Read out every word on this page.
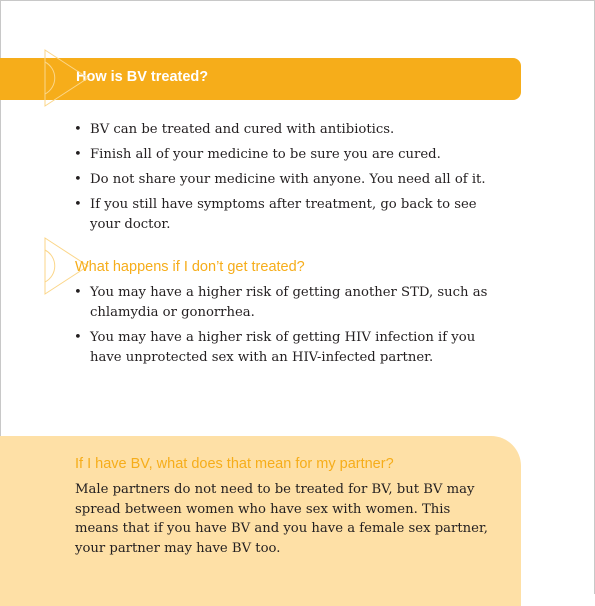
How is BV treated?
• BV can be treated and cured with antibiotics.
• Finish all of your medicine to be sure you are cured.
• Do not share your medicine with anyone. You need all of it.
• If you still have symptoms after treatment, go back to see your doctor.
What happens if I don’t get treated?
• You may have a higher risk of getting another STD, such as chlamydia or gonorrhea.
• You may have a higher risk of getting HIV infection if you have unprotected sex with an HIV-infected partner.
If I have BV, what does that mean for my partner?

Male partners do not need to be treated for BV, but BV may spread between women who have sex with women. This means that if you have BV and you have a female sex partner, your partner may have BV too.
